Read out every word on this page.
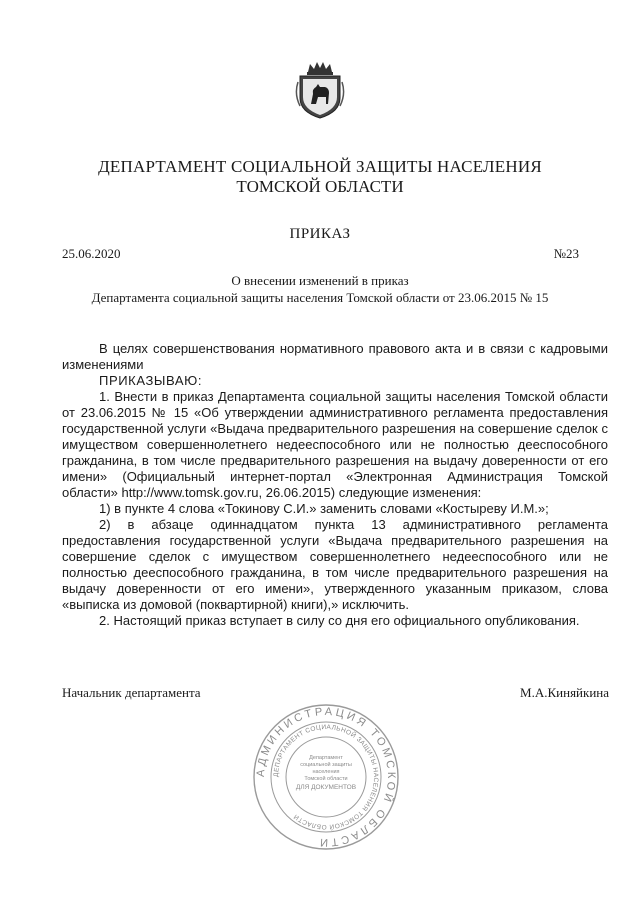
ДЕПАРТАМЕНТ СОЦИАЛЬНОЙ ЗАЩИТЫ НАСЕЛЕНИЯ
ТОМСКОЙ ОБЛАСТИ
ПРИКАЗ
25.06.2020	№23
О внесении изменений в приказ
Департамента социальной защиты населения Томской области от 23.06.2015 № 15
В целях совершенствования нормативного правового акта и в связи с кадровыми изменениями
ПРИКАЗЫВАЮ:
1. Внести в приказ Департамента социальной защиты населения Томской области от 23.06.2015 № 15 «Об утверждении административного регламента предоставления государственной услуги «Выдача предварительного разрешения на совершение сделок с имуществом совершеннолетнего недееспособного или не полностью дееспособного гражданина, в том числе предварительного разрешения на выдачу доверенности от его имени» (Официальный интернет-портал «Электронная Администрация Томской области» http://www.tomsk.gov.ru, 26.06.2015) следующие изменения:
1) в пункте 4 слова «Токинову С.И.» заменить словами «Костыреву И.М.»;
2) в абзаце одиннадцатом пункта 13 административного регламента предоставления государственной услуги «Выдача предварительного разрешения на совершение сделок с имуществом совершеннолетнего недееспособного или не полностью дееспособного гражданина, в том числе предварительного разрешения на выдачу доверенности от его имени», утвержденного указанным приказом, слова «выписка из домовой (поквартирной) книги),» исключить.
2. Настоящий приказ вступает в силу со дня его официального опубликования.
Начальник департамента	М.А.Киняйкина
АДМИНИСТРАЦИЯ ТОМСКОЙ ОБЛАСТИ
ДЕПАРТАМЕНТ СОЦИАЛЬНОЙ ЗАЩИТЫ НАСЕЛЕНИЯ ТОМСКОЙ ОБЛАСТИ
Департамент
социальной защиты
населения
Томской области
ДЛЯ ДОКУМЕНТОВ
